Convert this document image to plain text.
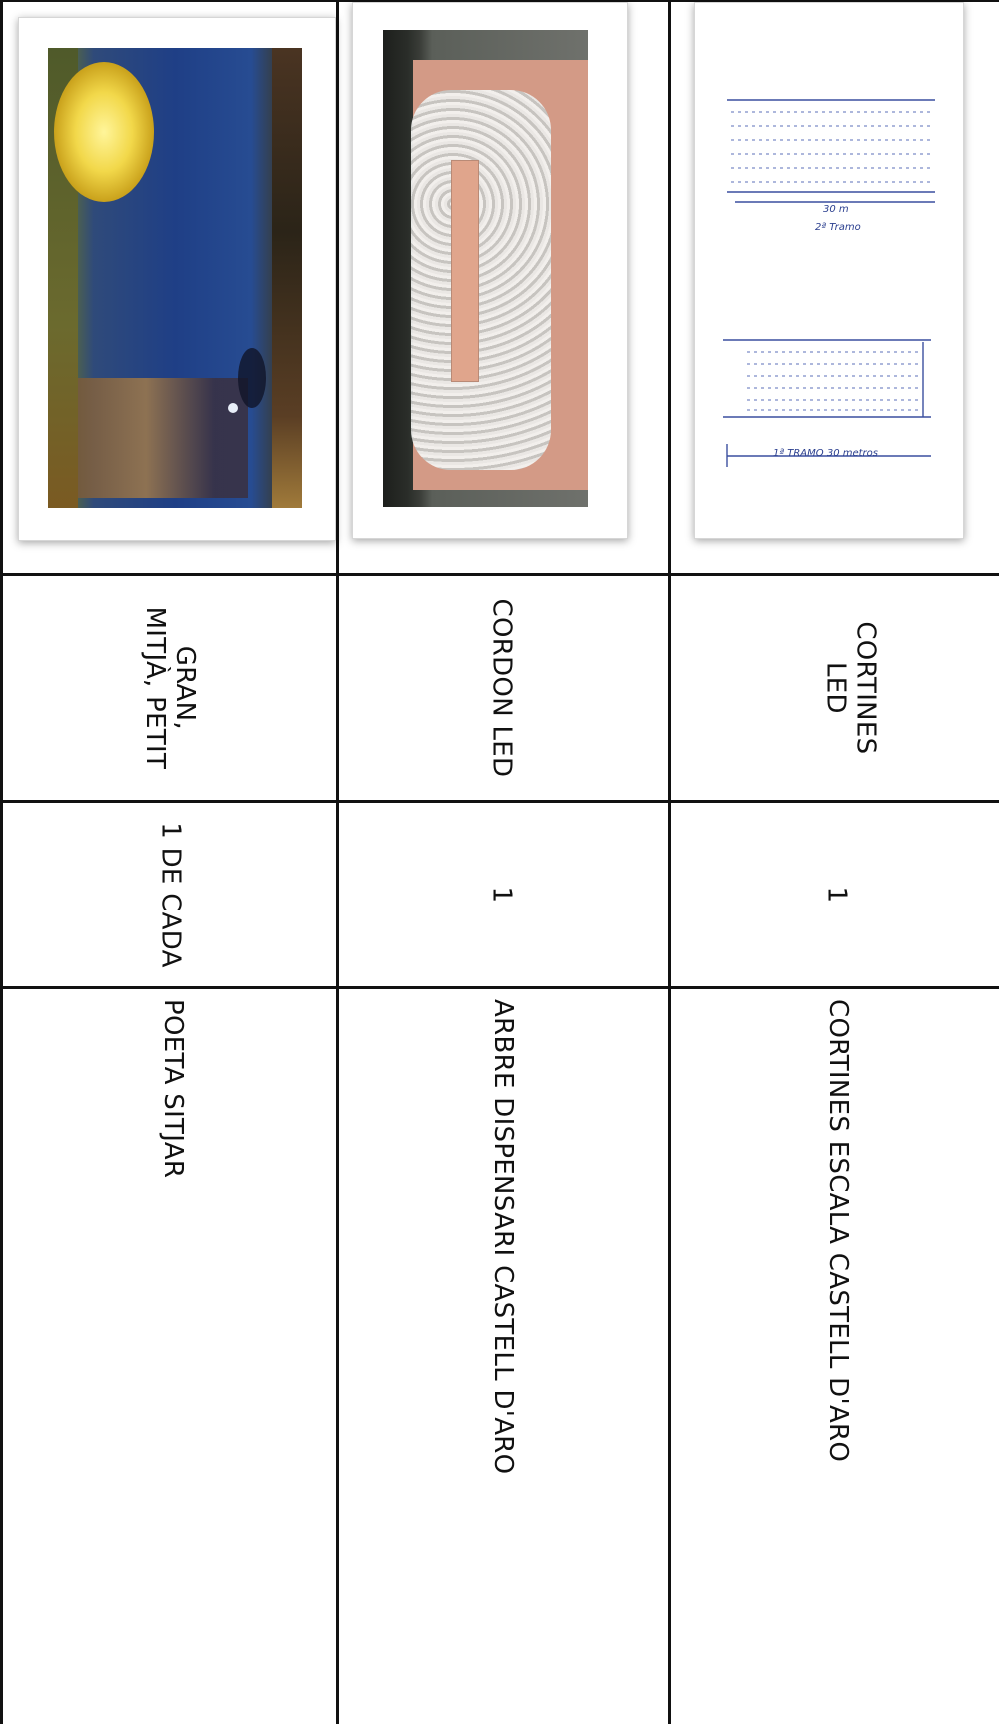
GRAN,
MITJÀ, PETIT
1 DE CADA
POETA SITJAR
CORDON LED
1
ARBRE DISPENSARI CASTELL D'ARO
30 m
2ª Tramo
1ª TRAMO 30 metros
CORTINES
LED
1
CORTINES ESCALA CASTELL D'ARO
